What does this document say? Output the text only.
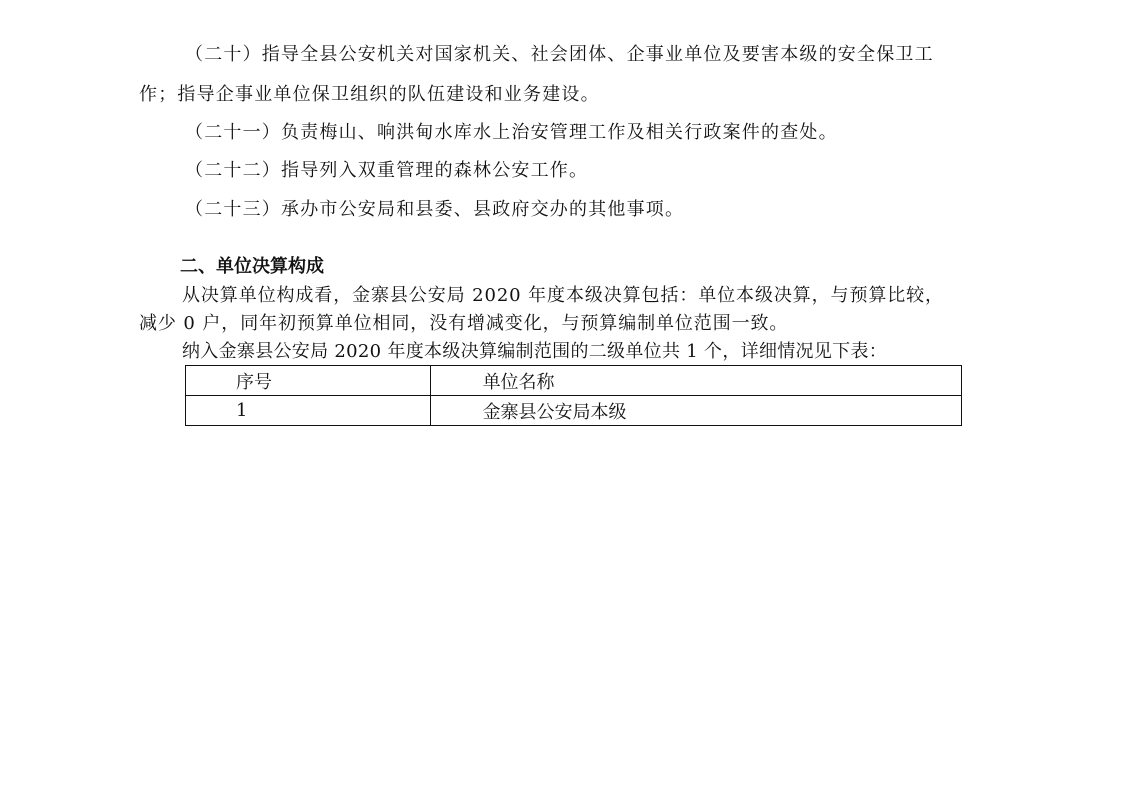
（二十）指导全县公安机关对国家机关、社会团体、企事业单位及要害本级的安全保卫工
作；指导企事业单位保卫组织的队伍建设和业务建设。
（二十一）负责梅山、响洪甸水库水上治安管理工作及相关行政案件的查处。
（二十二）指导列入双重管理的森林公安工作。
（二十三）承办市公安局和县委、县政府交办的其他事项。
二、单位决算构成
从决算单位构成看，金寨县公安局 2020 年度本级决算包括：单位本级决算，与预算比较，
减少 0 户，同年初预算单位相同，没有增减变化，与预算编制单位范围一致。
纳入金寨县公安局 2020 年度本级决算编制范围的二级单位共 1 个，详细情况见下表：
序号	单位名称
1	金寨县公安局本级
